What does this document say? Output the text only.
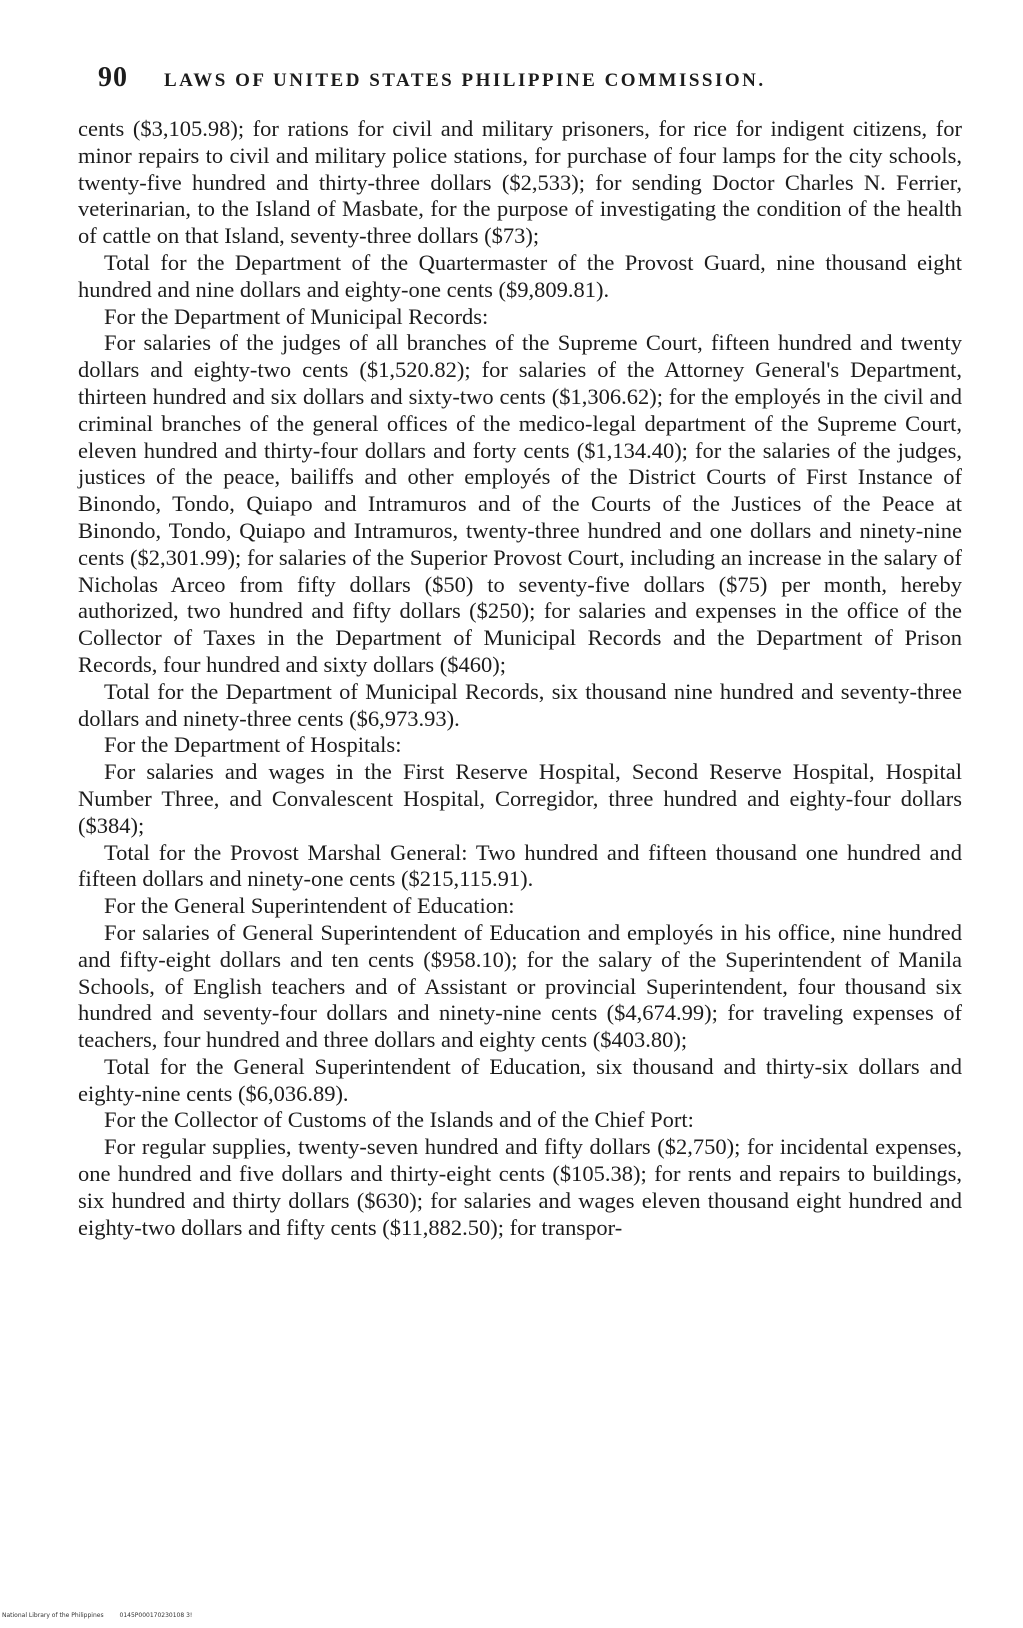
90 LAWS OF UNITED STATES PHILIPPINE COMMISSION.

cents ($3,105.98); for rations for civil and military prisoners, for rice for indigent citizens, for minor repairs to civil and military police stations, for purchase of four lamps for the city schools, twenty-five hundred and thirty-three dollars ($2,533); for sending Doctor Charles N. Ferrier, veterinarian, to the Island of Masbate, for the purpose of investigating the condition of the health of cattle on that Island, seventy-three dollars ($73);

Total for the Department of the Quartermaster of the Provost Guard, nine thousand eight hundred and nine dollars and eighty-one cents ($9,809.81).

For the Department of Municipal Records:

For salaries of the judges of all branches of the Supreme Court, fifteen hundred and twenty dollars and eighty-two cents ($1,520.82); for salaries of the Attorney General's Department, thirteen hundred and six dollars and sixty-two cents ($1,306.62); for the employés in the civil and criminal branches of the general offices of the medico-legal department of the Supreme Court, eleven hundred and thirty-four dollars and forty cents ($1,134.40); for the salaries of the judges, justices of the peace, bailiffs and other employés of the District Courts of First Instance of Binondo, Tondo, Quiapo and Intramuros and of the Courts of the Justices of the Peace at Binondo, Tondo, Quiapo and Intramuros, twenty-three hundred and one dollars and ninety-nine cents ($2,301.99); for salaries of the Superior Provost Court, including an increase in the salary of Nicholas Arceo from fifty dollars ($50) to seventy-five dollars ($75) per month, hereby authorized, two hundred and fifty dollars ($250); for salaries and expenses in the office of the Collector of Taxes in the Department of Municipal Records and the Department of Prison Records, four hundred and sixty dollars ($460);

Total for the Department of Municipal Records, six thousand nine hundred and seventy-three dollars and ninety-three cents ($6,973.93).

For the Department of Hospitals:

For salaries and wages in the First Reserve Hospital, Second Reserve Hospital, Hospital Number Three, and Convalescent Hospital, Corregidor, three hundred and eighty-four dollars ($384);

Total for the Provost Marshal General: Two hundred and fifteen thousand one hundred and fifteen dollars and ninety-one cents ($215,115.91).

For the General Superintendent of Education:

For salaries of General Superintendent of Education and employés in his office, nine hundred and fifty-eight dollars and ten cents ($958.10); for the salary of the Superintendent of Manila Schools, of English teachers and of Assistant or provincial Superintendent, four thousand six hundred and seventy-four dollars and ninety-nine cents ($4,674.99); for traveling expenses of teachers, four hundred and three dollars and eighty cents ($403.80);

Total for the General Superintendent of Education, six thousand and thirty-six dollars and eighty-nine cents ($6,036.89).

For the Collector of Customs of the Islands and of the Chief Port:

For regular supplies, twenty-seven hundred and fifty dollars ($2,750); for incidental expenses, one hundred and five dollars and thirty-eight cents ($105.38); for rents and repairs to buildings, six hundred and thirty dollars ($630); for salaries and wages eleven thousand eight hundred and eighty-two dollars and fifty cents ($11,882.50); for transpor-

National Library of the Philippines	0145P000170230108 3!
